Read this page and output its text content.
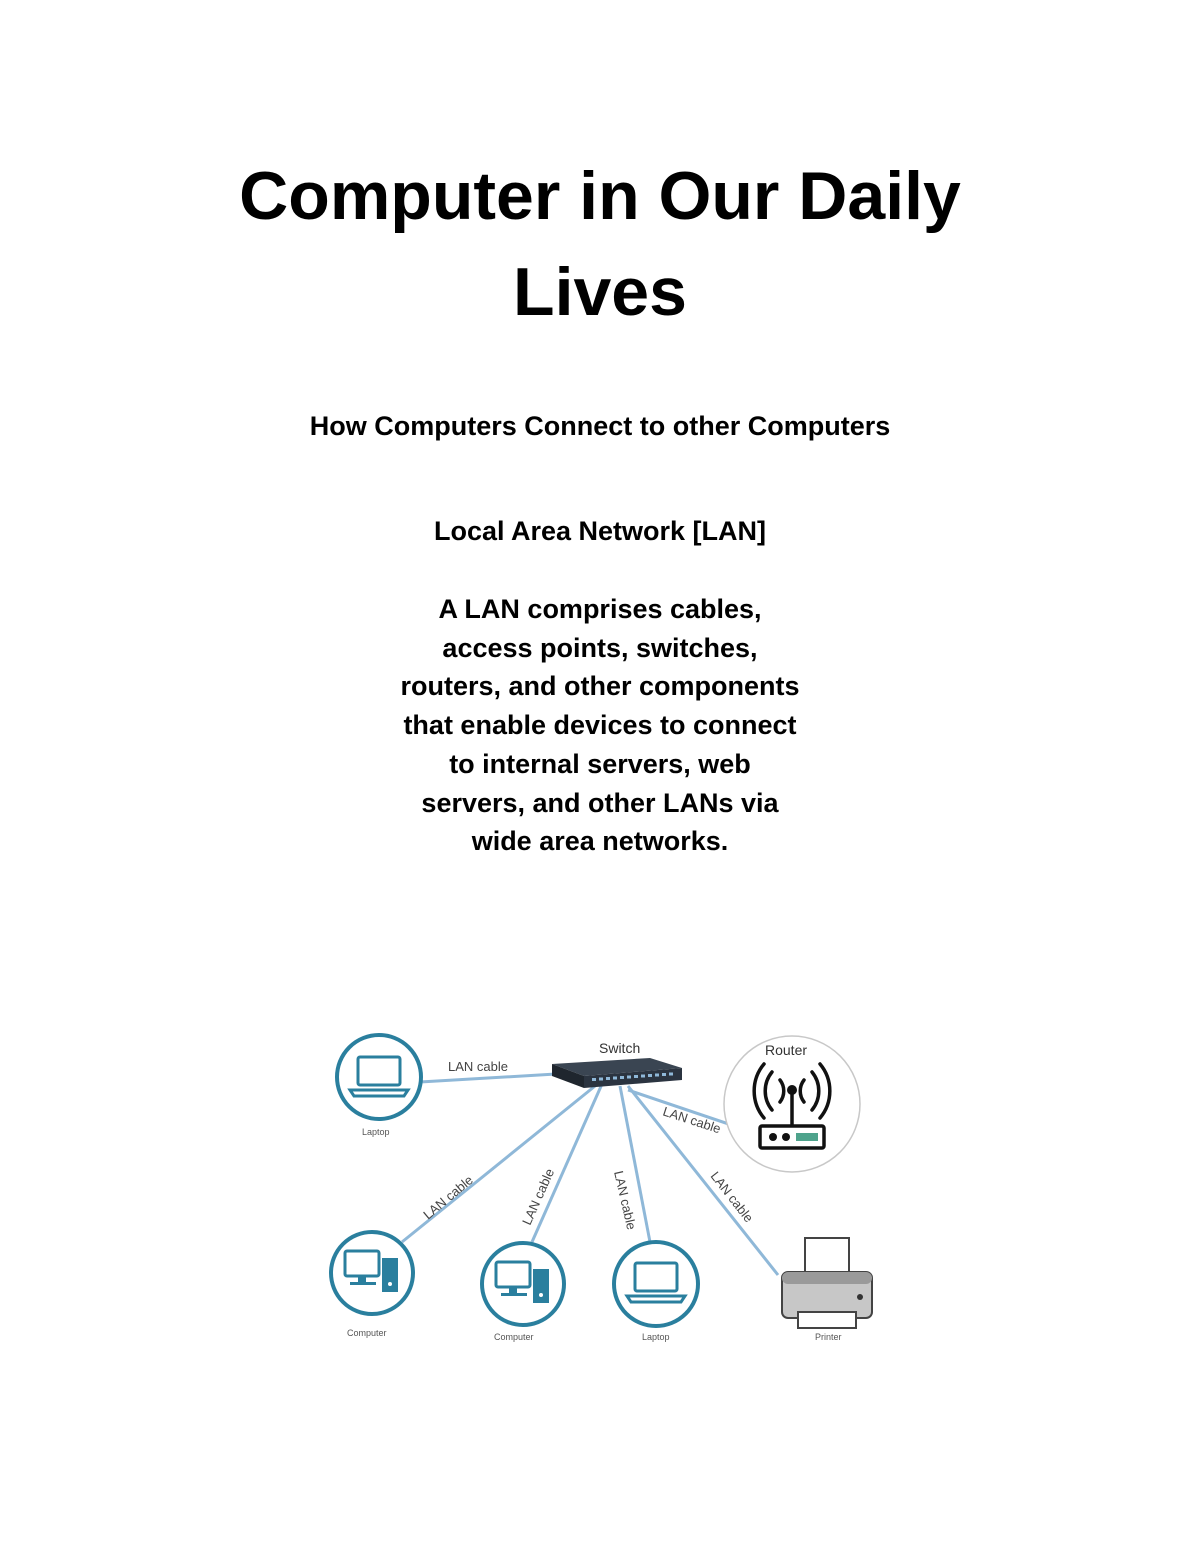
Computer in Our Daily Lives
How Computers Connect to other Computers
Local Area Network [LAN]

A LAN comprises cables, access points, switches, routers, and other components that enable devices to connect to internal servers, web servers, and other LANs via wide area networks.

LAN cable
LAN cable
LAN cable	LAN cable	LAN cable	LAN cable
Switch
Laptop
Router
Computer	Computer	Laptop	Printer
